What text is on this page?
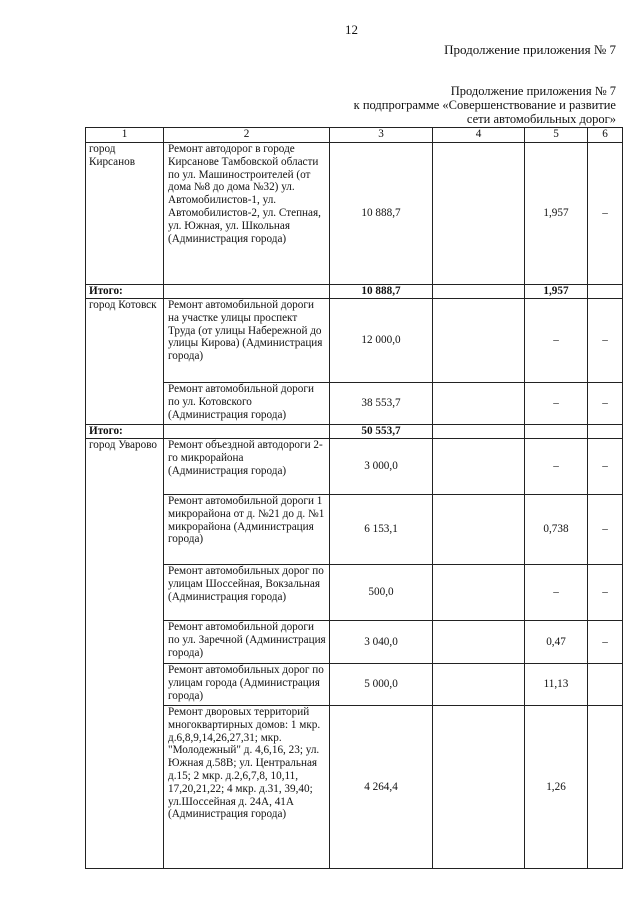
12
Продолжение приложения № 7
Продолжение приложения № 7
к подпрограмме «Совершенствование и развитие
сети автомобильных дорог»
1	2	3	4	5	6
город Кирсанов	Ремонт автодорог в городе Кирсанове Тамбовской области по ул. Машиностроителей (от дома №8 до дома №32) ул. Автомобилистов-1, ул. Автомобилистов-2, ул. Степная, ул. Южная, ул. Школьная (Администрация города)	10 888,7		1,957	–
Итого:		10 888,7		1,957	
город Котовск	Ремонт автомобильной дороги на участке улицы проспект Труда (от улицы Набережной до улицы Кирова) (Администрация города)	12 000,0		–	–
	Ремонт автомобильной дороги по ул. Котовского (Администрация города)	38 553,7		–	–
Итого:		50 553,7			
город Уварово	Ремонт объездной автодороги 2-го микрорайона (Администрация города)	3 000,0		–	–
	Ремонт автомобильной дороги 1 микрорайона от д. №21 до д. №1 микрорайона (Администрация города)	6 153,1		0,738	–
	Ремонт автомобильных дорог по улицам Шоссейная, Вокзальная (Администрация города)	500,0		–	–
	Ремонт автомобильной дороги по ул. Заречной (Администрация города)	3 040,0		0,47	–
	Ремонт автомобильных дорог по улицам города (Администрация города)	5 000,0		11,13	
	Ремонт дворовых территорий многоквартирных домов: 1 мкр. д.6,8,9,14,26,27,31; мкр. "Молодежный" д. 4,6,16, 23; ул. Южная д.58В; ул. Центральная д.15; 2 мкр. д.2,6,7,8, 10,11, 17,20,21,22; 4 мкр. д.31, 39,40; ул.Шоссейная д. 24А, 41А (Администрация города)	4 264,4		1,26	
